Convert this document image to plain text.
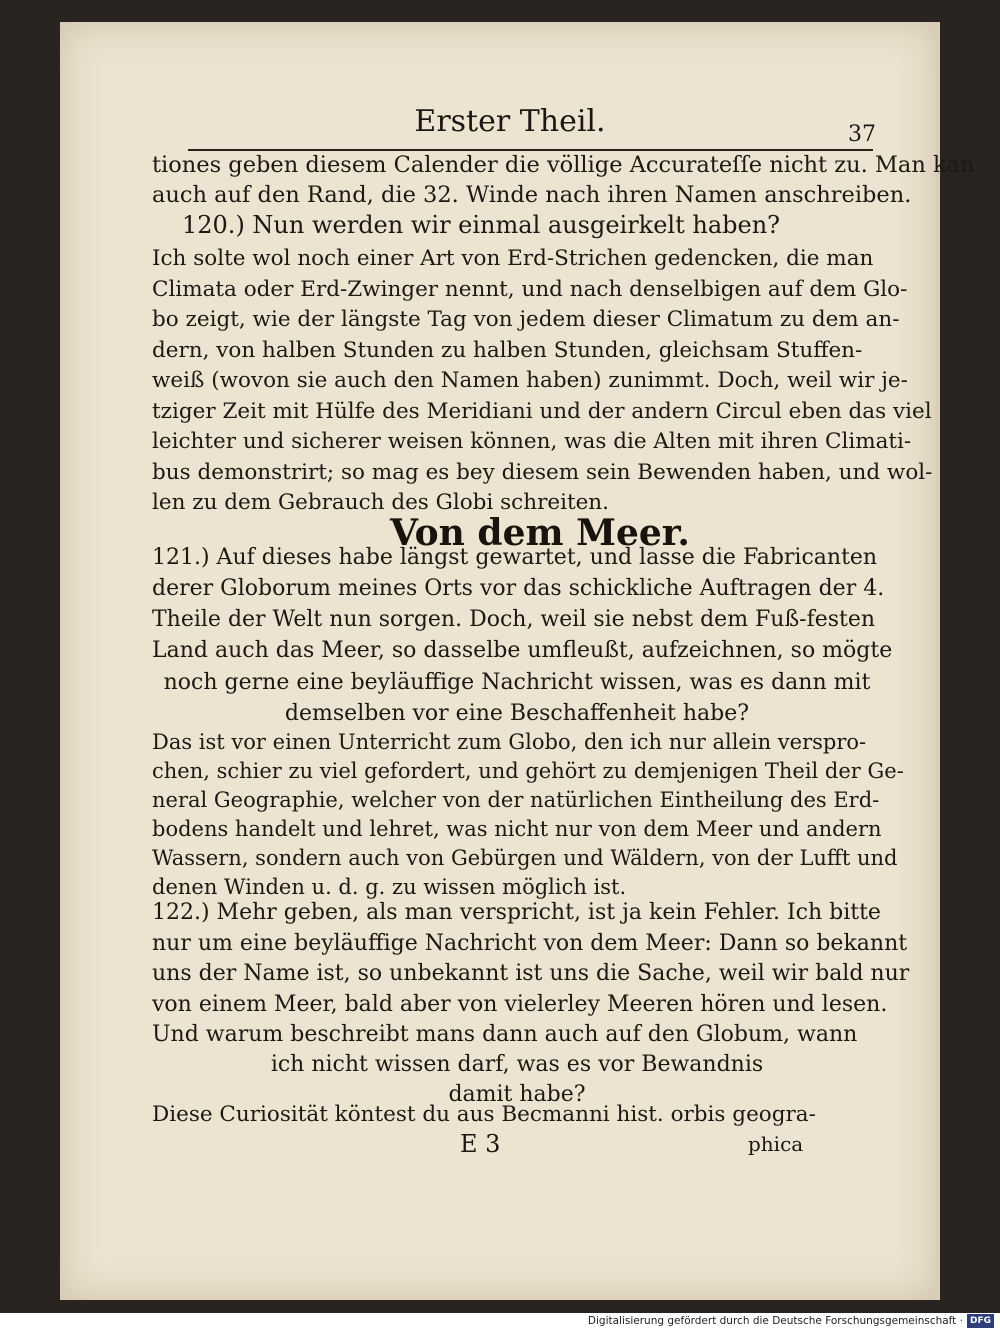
Erster Theil.	37
tiones geben diesem Calender die völlige Accurateſſe nicht zu. Man kan
auch auf den Rand, die 32. Winde nach ihren Namen anschreiben.
120.) Nun werden wir einmal ausgeirkelt haben?
Ich solte wol noch einer Art von Erd-Strichen gedencken, die man
Climata oder Erd-Zwinger nennt, und nach denselbigen auf dem Glo-
bo zeigt, wie der längste Tag von jedem dieser Climatum zu dem an-
dern, von halben Stunden zu halben Stunden, gleichsam Stuffen-
weiß (wovon sie auch den Namen haben) zunimmt. Doch, weil wir je-
tziger Zeit mit Hülfe des Meridiani und der andern Circul eben das viel
leichter und sicherer weisen können, was die Alten mit ihren Climati-
bus demonstrirt; so mag es bey diesem sein Bewenden haben, und wol-
len zu dem Gebrauch des Globi schreiten.
Von dem Meer.
121.) Auf dieses habe längst gewartet, und lasse die Fabricanten
derer Globorum meines Orts vor das schickliche Auftragen der 4.
Theile der Welt nun sorgen. Doch, weil sie nebst dem Fuß-festen
Land auch das Meer, so dasselbe umfleußt, aufzeichnen, so mögte
noch gerne eine beyläuffige Nachricht wissen, was es dann mit
demselben vor eine Beschaffenheit habe?
Das ist vor einen Unterricht zum Globo, den ich nur allein verspro-
chen, schier zu viel gefordert, und gehört zu demjenigen Theil der Ge-
neral Geographie, welcher von der natürlichen Eintheilung des Erd-
bodens handelt und lehret, was nicht nur von dem Meer und andern
Wassern, sondern auch von Gebürgen und Wäldern, von der Lufft und
denen Winden u. d. g. zu wissen möglich ist.
122.) Mehr geben, als man verspricht, ist ja kein Fehler. Ich bitte
nur um eine beyläuffige Nachricht von dem Meer: Dann so bekannt
uns der Name ist, so unbekannt ist uns die Sache, weil wir bald nur
von einem Meer, bald aber von vielerley Meeren hören und lesen.
Und warum beschreibt mans dann auch auf den Globum, wann
ich nicht wissen darf, was es vor Bewandnis
damit habe?
Diese Curiosität köntest du aus Becmanni hist. orbis geogra-
E 3	phica
Digitalisierung gefördert durch die Deutsche Forschungsgemeinschaft · DFG
